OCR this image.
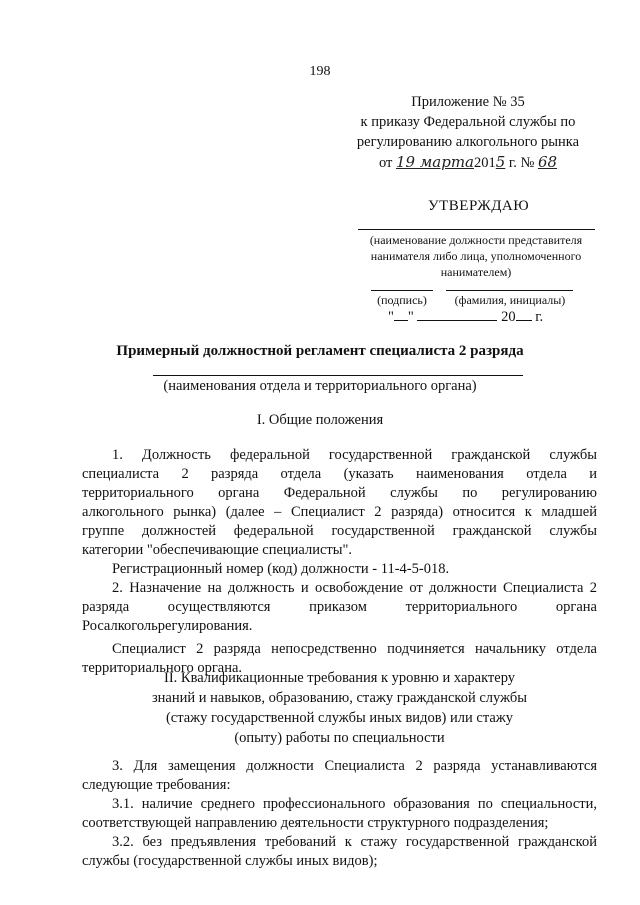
198
Приложение № 35
к приказу Федеральной службы по
регулированию алкогольного рынка
от 19 марта2015 г. № 68
УТВЕРЖДАЮ
(наименование должности представителя
нанимателя либо лица, уполномоченного
нанимателем)
(подпись)	(фамилия, инициалы)
" "	20 г.
Примерный должностной регламент специалиста 2 разряда
(наименования отдела и территориального органа)
I. Общие положения

1. Должность федеральной государственной гражданской службы
специалиста 2 разряда отдела (указать наименования отдела и
территориального органа Федеральной службы по регулированию
алкогольного рынка) (далее – Специалист 2 разряда) относится к младшей
группе должностей федеральной государственной гражданской службы
категории "обеспечивающие специалисты".

Регистрационный номер (код) должности - 11-4-5-018.

2. Назначение на должность и освобождение от должности Специалиста 2
разряда осуществляются приказом территориального органа
Росалкогольрегулирования.

Специалист 2 разряда непосредственно подчиняется начальнику отдела
территориального органа.

II. Квалификационные требования к уровню и характеру
знаний и навыков, образованию, стажу гражданской службы
(стажу государственной службы иных видов) или стажу
(опыту) работы по специальности

3. Для замещения должности Специалиста 2 разряда устанавливаются
следующие требования:

3.1. наличие среднего профессионального образования по специальности,
соответствующей направлению деятельности структурного подразделения;

3.2. без предъявления требований к стажу государственной гражданской
службы (государственной службы иных видов);
